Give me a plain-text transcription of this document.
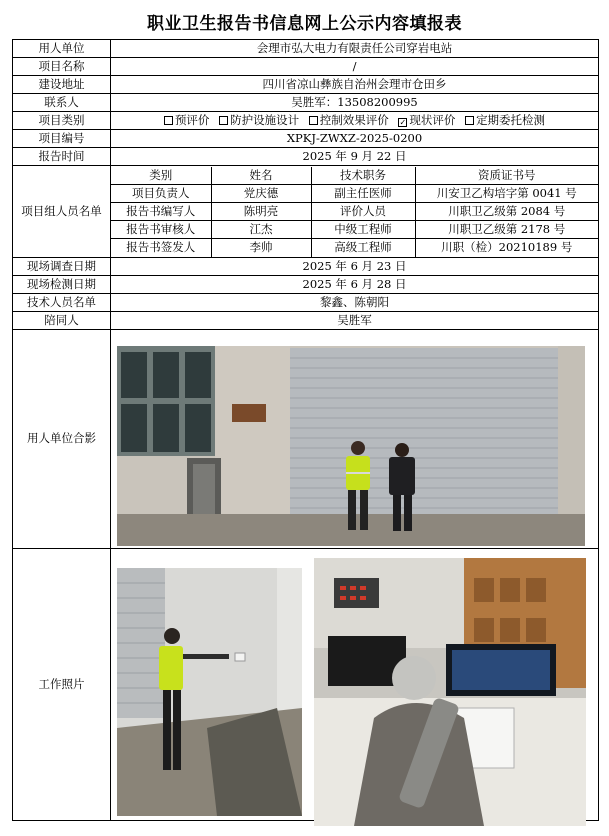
职业卫生报告书信息网上公示内容填报表
用人单位	会理市弘大电力有限责任公司穿岩电站
项目名称	/
建设地址	四川省凉山彝族自治州会理市仓田乡
联系人	吴胜军：13508200995
项目类别	预评价 防护设施设计 控制效果评价 ✓ 现状评价 定期委托检测
项目编号	XPKJ-ZWXZ-2025-0200
报告时间	2025 年 9 月 22 日
项目组人员名单	
类别	姓名	技术职务	资质证书号
项目负责人	党庆德	副主任医师	川安卫乙构培字第 0041 号
报告书编写人	陈明亮	评价人员	川职卫乙级第 2084 号
报告书审核人	江杰	中级工程师	川职卫乙级第 2178 号
报告书签发人	李帅	高级工程师	川职（检）20210189 号

现场调查日期	2025 年 6 月 23 日
现场检测日期	2025 年 6 月 28 日
技术人员名单	黎鑫、陈朝阳
陪同人	吴胜军
用人单位合影	
工作照片	
